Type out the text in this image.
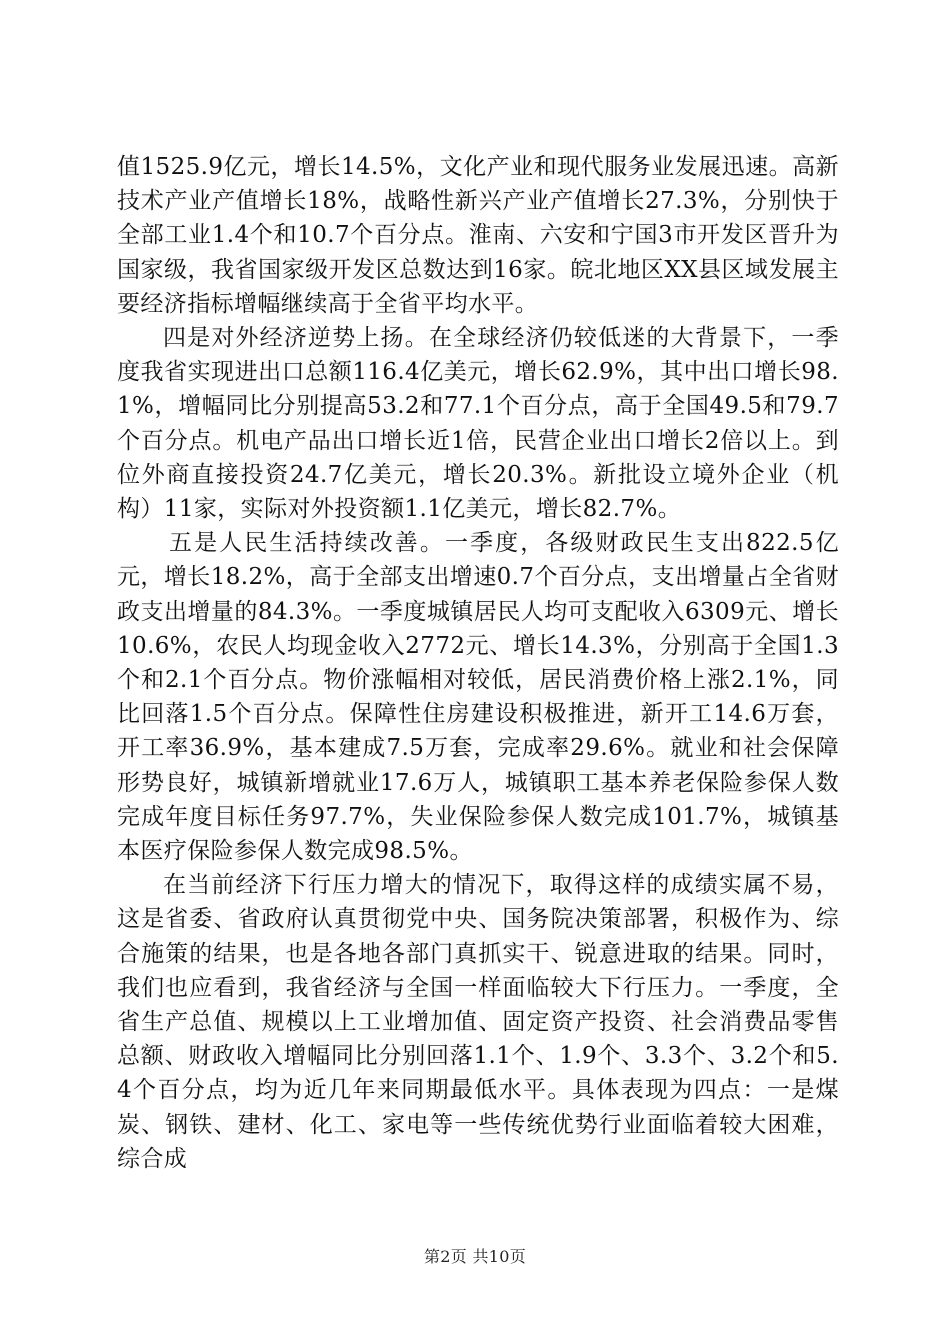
值1525.9亿元，增长14.5%，文化产业和现代服务业发展迅速。高新技术产业产值增长18%，战略性新兴产业产值增长27.3%，分别快于全部工业1.4个和10.7个百分点。淮南、六安和宁国3市开发区晋升为国家级，我省国家级开发区总数达到16家。皖北地区XX县区域发展主要经济指标增幅继续高于全省平均水平。

四是对外经济逆势上扬。在全球经济仍较低迷的大背景下，一季度我省实现进出口总额116.4亿美元，增长62.9%，其中出口增长98.1%，增幅同比分别提高53.2和77.1个百分点，高于全国49.5和79.7个百分点。机电产品出口增长近1倍，民营企业出口增长2倍以上。到位外商直接投资24.7亿美元，增长20.3%。新批设立境外企业（机构）11家，实际对外投资额1.1亿美元，增长82.7%。

五是人民生活持续改善。一季度，各级财政民生支出822.5亿元，增长18.2%，高于全部支出增速0.7个百分点，支出增量占全省财政支出增量的84.3%。一季度城镇居民人均可支配收入6309元、增长10.6%，农民人均现金收入2772元、增长14.3%，分别高于全国1.3个和2.1个百分点。物价涨幅相对较低，居民消费价格上涨2.1%，同比回落1.5个百分点。保障性住房建设积极推进，新开工14.6万套，开工率36.9%，基本建成7.5万套，完成率29.6%。就业和社会保障形势良好，城镇新增就业17.6万人，城镇职工基本养老保险参保人数完成年度目标任务97.7%，失业保险参保人数完成101.7%，城镇基本医疗保险参保人数完成98.5%。

在当前经济下行压力增大的情况下，取得这样的成绩实属不易，这是省委、省政府认真贯彻党中央、国务院决策部署，积极作为、综合施策的结果，也是各地各部门真抓实干、锐意进取的结果。同时，我们也应看到，我省经济与全国一样面临较大下行压力。一季度，全省生产总值、规模以上工业增加值、固定资产投资、社会消费品零售总额、财政收入增幅同比分别回落1.1个、1.9个、3.3个、3.2个和5.4个百分点，均为近几年来同期最低水平。具体表现为四点：一是煤炭、钢铁、建材、化工、家电等一些传统优势行业面临着较大困难，综合成

第2页 共10页
